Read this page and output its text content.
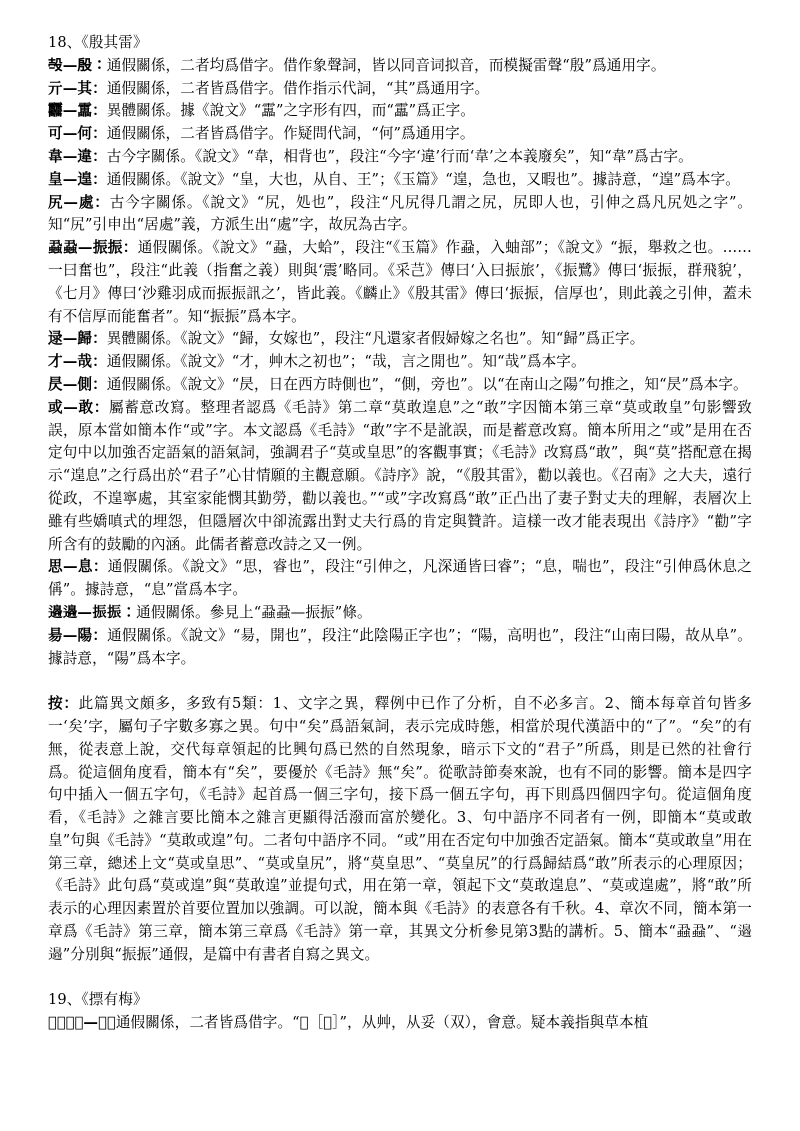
18、《殷其雷》

𣪊—殷：通假關係，二者均爲借字。借作象聲詞，皆以同音词拟音，而模擬雷聲“殷”爲通用字。

亓—其：通假關係，二者皆爲借字。借作指示代詞，“其”爲通用字。

䨻—靁：異體關係。據《說文》“靁”之字形有四，而“靁”爲正字。

可—何：通假關係，二者皆爲借字。作疑問代詞，“何”爲通用字。

韋—違：古今字關係。《說文》“韋，相背也”，段注“今字‘違’行而‘韋’之本義廢矣”，知“韋”爲古字。

皇—遑：通假關係。《說文》“皇，大也，从自、王”；《玉篇》“遑，急也，又暇也”。據詩意，“遑”爲本字。

尻—處：古今字關係。《說文》“尻，処也”，段注“凡尻得几謂之尻，尻即人也，引伸之爲凡尻処之字”。知“尻”引申出“居處”義，方派生出“處”字，故尻為古字。

蝨蝨—振振：通假關係。《說文》“蝨，大蛤”，段注“《玉篇》作蝨，入蚰部”；《說文》“振，舉救之也。……一曰奮也”，段注“此義（指奮之義）則與‘震’略同。《采芑》傳曰‘入曰振旅’，《振鷺》傳曰‘振振，群飛貌’，《七月》傳曰‘沙雞羽成而振振訊之’，皆此義。《麟止》《殷其雷》傳曰‘振振，信厚也’，則此義之引伸，蓋未有不信厚而能奮者”。知“振振”爲本字。

逯—歸：異體關係。《說文》“歸，女嫁也”，段注“凡還家者假婦嫁之名也”。知“歸”爲正字。

才—哉：通假關係。《說文》“才，艸木之初也”；“哉，言之閒也”。知“哉”爲本字。

昃—側：通假關係。《說文》“昃，日在西方時側也”，“側，旁也”。以“在南山之陽”句推之，知“昃”爲本字。

或—敢：屬蓄意改寫。整理者認爲《毛詩》第二章“莫敢遑息”之“敢”字因簡本第三章“莫或敢皇”句影響致誤，原本當如簡本作“或”字。本文認爲《毛詩》“敢”字不是訛誤，而是蓄意改寫。簡本所用之“或”是用在否定句中以加強否定語氣的語氣詞，強調君子“莫或皇思”的客觀事實；《毛詩》改寫爲“敢”，與“莫”搭配意在揭示“遑息”之行爲出於“君子”心甘情願的主觀意願。《詩序》說，“《殷其雷》，勸以義也。《召南》之大夫，遠行從政，不遑寧處，其室家能憫其勤勞，勸以義也。”“或”字改寫爲“敢”正凸出了妻子對丈夫的理解，表層次上雖有些嬌嗔式的埋怨，但隱層次中卻流露出對丈夫行爲的肯定與贊許。這樣一改才能表現出《詩序》“勸”字所含有的鼓勵的內涵。此儒者蓄意改詩之又一例。

思—息：通假關係。《說文》“思，睿也”，段注“引伸之，凡深通皆曰睿”；“息，喘也”，段注“引伸爲休息之偁”。據詩意，“息”當爲本字。

𨘢𨘢—振振：通假關係。參見上“蝨蝨—振振”條。

昜—陽：通假關係。《說文》“昜，開也”，段注“此陰陽正字也”；“陽，高明也”，段注“山南曰陽，故从阜”。據詩意，“陽”爲本字。

按：此篇異文頗多，多致有5類：1、文字之異，釋例中已作了分析，自不必多言。2、簡本每章首句皆多一‘矣’字，屬句子字數多寡之異。句中“矣”爲語氣詞，表示完成時態，相當於現代漢語中的“了”。“矣”的有無，從表意上說，交代每章領起的比興句爲已然的自然現象，暗示下文的“君子”所爲，則是已然的社會行爲。從這個角度看，簡本有“矣”，要優於《毛詩》無“矣”。從歌詩節奏來說，也有不同的影響。簡本是四字句中插入一個五字句，《毛詩》起首爲一個三字句，接下爲一個五字句，再下則爲四個四字句。從這個角度看，《毛詩》之雜言要比簡本之雜言更顯得活潑而富於變化。3、句中語序不同者有一例，即簡本“莫或敢皇”句與《毛詩》“莫敢或遑”句。二者句中語序不同。“或”用在否定句中加強否定語氣。簡本“莫或敢皇”用在第三章，總述上文“莫或皇思”、“莫或皇尻”，將“莫皇思”、“莫皇尻”的行爲歸結爲“敢”所表示的心理原因；《毛詩》此句爲“莫或遑”與“莫敢遑”並提句式，用在第一章，領起下文“莫敢遑息”、“莫或遑處”，將“敢”所表示的心理因素置於首要位置加以強調。可以說，簡本與《毛詩》的表意各有千秋。4、章次不同，簡本第一章爲《毛詩》第三章，簡本第三章爲《毛詩》第一章，其異文分析參見第3點的講析。5、簡本“蝨蝨”、“𨘢𨘢”分別與“振振”通假，是篇中有書者自寫之異文。

19、《摽有梅》

𦭫［𦭫］—摽：通假關係，二者皆爲借字。“𦭫［𦭫］”，从艸，从妥（双），會意。疑本義指與草本植
